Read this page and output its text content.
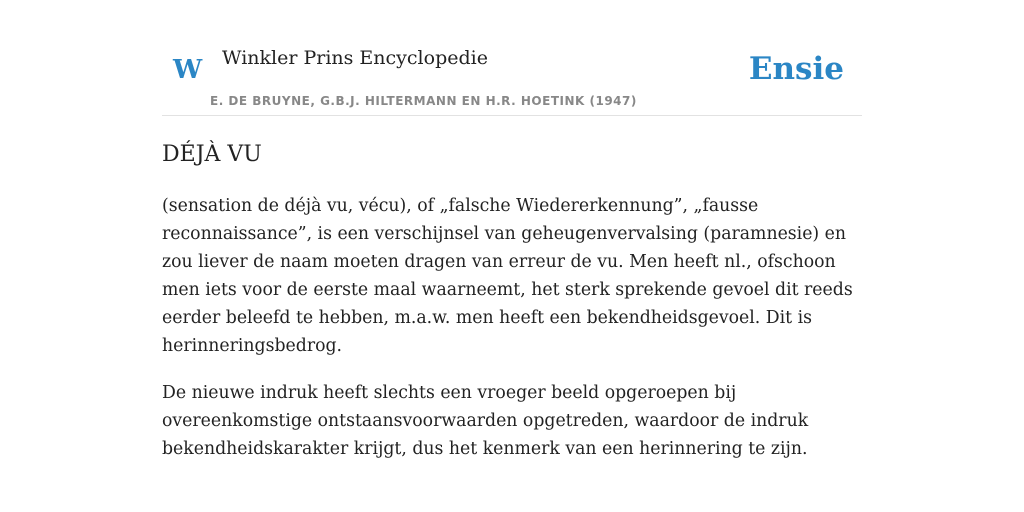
W Winkler Prins Encyclopedie
E. DE BRUYNE, G.B.J. HILTERMANN EN H.R. HOETINK (1947)
Ensie
DÉJÀ VU

(sensation de déjà vu, vécu), of „falsche Wiedererkennung”, „fausse reconnaissance”, is een verschijnsel van geheugenvervalsing (paramnesie) en zou liever de naam moeten dragen van erreur de vu. Men heeft nl., ofschoon men iets voor de eerste maal waarneemt, het sterk sprekende gevoel dit reeds eerder beleefd te hebben, m.a.w. men heeft een bekendheidsgevoel. Dit is herinneringsbedrog.

De nieuwe indruk heeft slechts een vroeger beeld opgeroepen bij overeenkomstige ontstaansvoorwaarden opgetreden, waardoor de indruk bekendheidskarakter krijgt, dus het kenmerk van een herinnering te zijn.
